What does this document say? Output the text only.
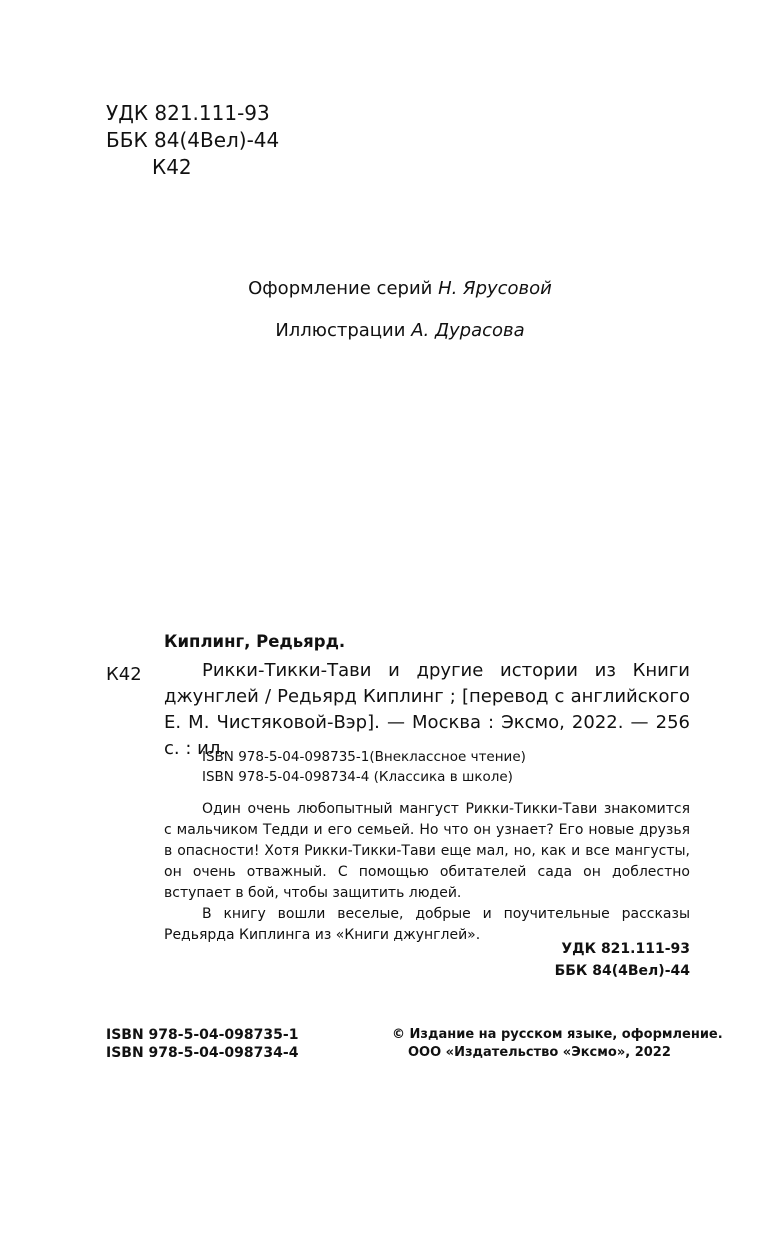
УДК 821.111-93
ББК 84(4Вел)-44
К42
Оформление серий Н. Ярусовой
Иллюстрации А. Дурасова
Киплинг, Редьярд.
К42	Рикки-Тикки-Тави и другие истории из Книги джунглей / Редьярд Киплинг ; [перевод с английского Е. М. Чистяковой-Вэр]. — Москва : Эксмо, 2022. — 256 с. : ил.
ISBN 978-5-04-098735-1(Внеклассное чтение)
ISBN 978-5-04-098734-4 (Классика в школе)

Один очень любопытный мангуст Рикки-Тикки-Тави знакомится с мальчиком Тедди и его семьей. Но что он узнает? Его новые друзья в опасности! Хотя Рикки-Тикки-Тави еще мал, но, как и все мангусты, он очень отважный. С помощью обитателей сада он доблестно вступает в бой, чтобы защитить людей.

В книгу вошли веселые, добрые и поучительные рассказы Редьярда Киплинга из «Книги джунглей».

УДК 821.111-93
ББК 84(4Вел)-44
ISBN 978-5-04-098735-1
ISBN 978-5-04-098734-4
© Издание на русском языке, оформление.
ООО «Издательство «Эксмо», 2022
